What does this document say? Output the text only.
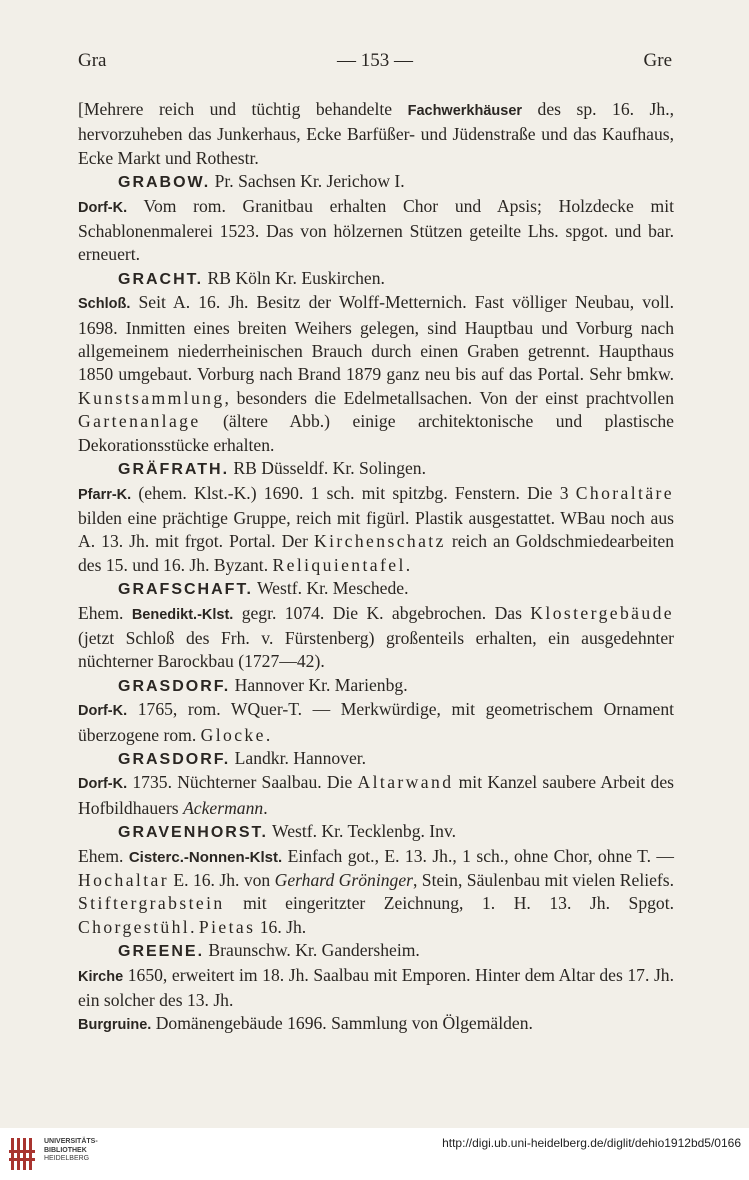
Gra	— 153 —	Gre

[Mehrere reich und tüchtig behandelte Fachwerkhäuser des sp. 16. Jh., hervorzuheben das Junkerhaus, Ecke Barfüßer- und Jüdenstraße und das Kaufhaus, Ecke Markt und Rothestr.

GRABOW. Pr. Sachsen Kr. Jerichow I.

Dorf-K. Vom rom. Granitbau erhalten Chor und Apsis; Holzdecke mit Schablonenmalerei 1523. Das von hölzernen Stützen geteilte Lhs. spgot. und bar. erneuert.

GRACHT. RB Köln Kr. Euskirchen.

Schloß. Seit A. 16. Jh. Besitz der Wolff-Metternich. Fast völliger Neubau, voll. 1698. Inmitten eines breiten Weihers gelegen, sind Hauptbau und Vorburg nach allgemeinem niederrheinischen Brauch durch einen Graben getrennt. Haupthaus 1850 umgebaut. Vorburg nach Brand 1879 ganz neu bis auf das Portal. Sehr bmkw. Kunstsammlung, besonders die Edelmetallsachen. Von der einst prachtvollen Gartenanlage (ältere Abb.) einige architektonische und plastische Dekorationsstücke erhalten.

GRÄFRATH. RB Düsseldf. Kr. Solingen.

Pfarr-K. (ehem. Klst.-K.) 1690. 1 sch. mit spitzbg. Fenstern. Die 3 Choraltäre bilden eine prächtige Gruppe, reich mit figürl. Plastik ausgestattet. WBau noch aus A. 13. Jh. mit frgot. Portal. Der Kirchenschatz reich an Goldschmiedearbeiten des 15. und 16. Jh. Byzant. Reliquientafel.

GRAFSCHAFT. Westf. Kr. Meschede.

Ehem. Benedikt.-Klst. gegr. 1074. Die K. abgebrochen. Das Klostergebäude (jetzt Schloß des Frh. v. Fürstenberg) großenteils erhalten, ein ausgedehnter nüchterner Barockbau (1727—42).

GRASDORF. Hannover Kr. Marienbg.

Dorf-K. 1765, rom. WQuer-T. — Merkwürdige, mit geometrischem Ornament überzogene rom. Glocke.

GRASDORF. Landkr. Hannover.

Dorf-K. 1735. Nüchterner Saalbau. Die Altarwand mit Kanzel saubere Arbeit des Hofbildhauers Ackermann.

GRAVENHORST. Westf. Kr. Tecklenbg. Inv.

Ehem. Cisterc.-Nonnen-Klst. Einfach got., E. 13. Jh., 1 sch., ohne Chor, ohne T. — Hochaltar E. 16. Jh. von Gerhard Gröninger, Stein, Säulenbau mit vielen Reliefs. Stiftergrabstein mit eingeritzter Zeichnung, 1. H. 13. Jh. Spgot. Chorgestühl. Pietas 16. Jh.

GREENE. Braunschw. Kr. Gandersheim.

Kirche 1650, erweitert im 18. Jh. Saalbau mit Emporen. Hinter dem Altar des 17. Jh. ein solcher des 13. Jh.

Burgruine. Domänengebäude 1696. Sammlung von Ölgemälden.

UNIVERSITÄTS-
BIBLIOTHEK
HEIDELBERG
http://digi.ub.uni-heidelberg.de/diglit/dehio1912bd5/0166
